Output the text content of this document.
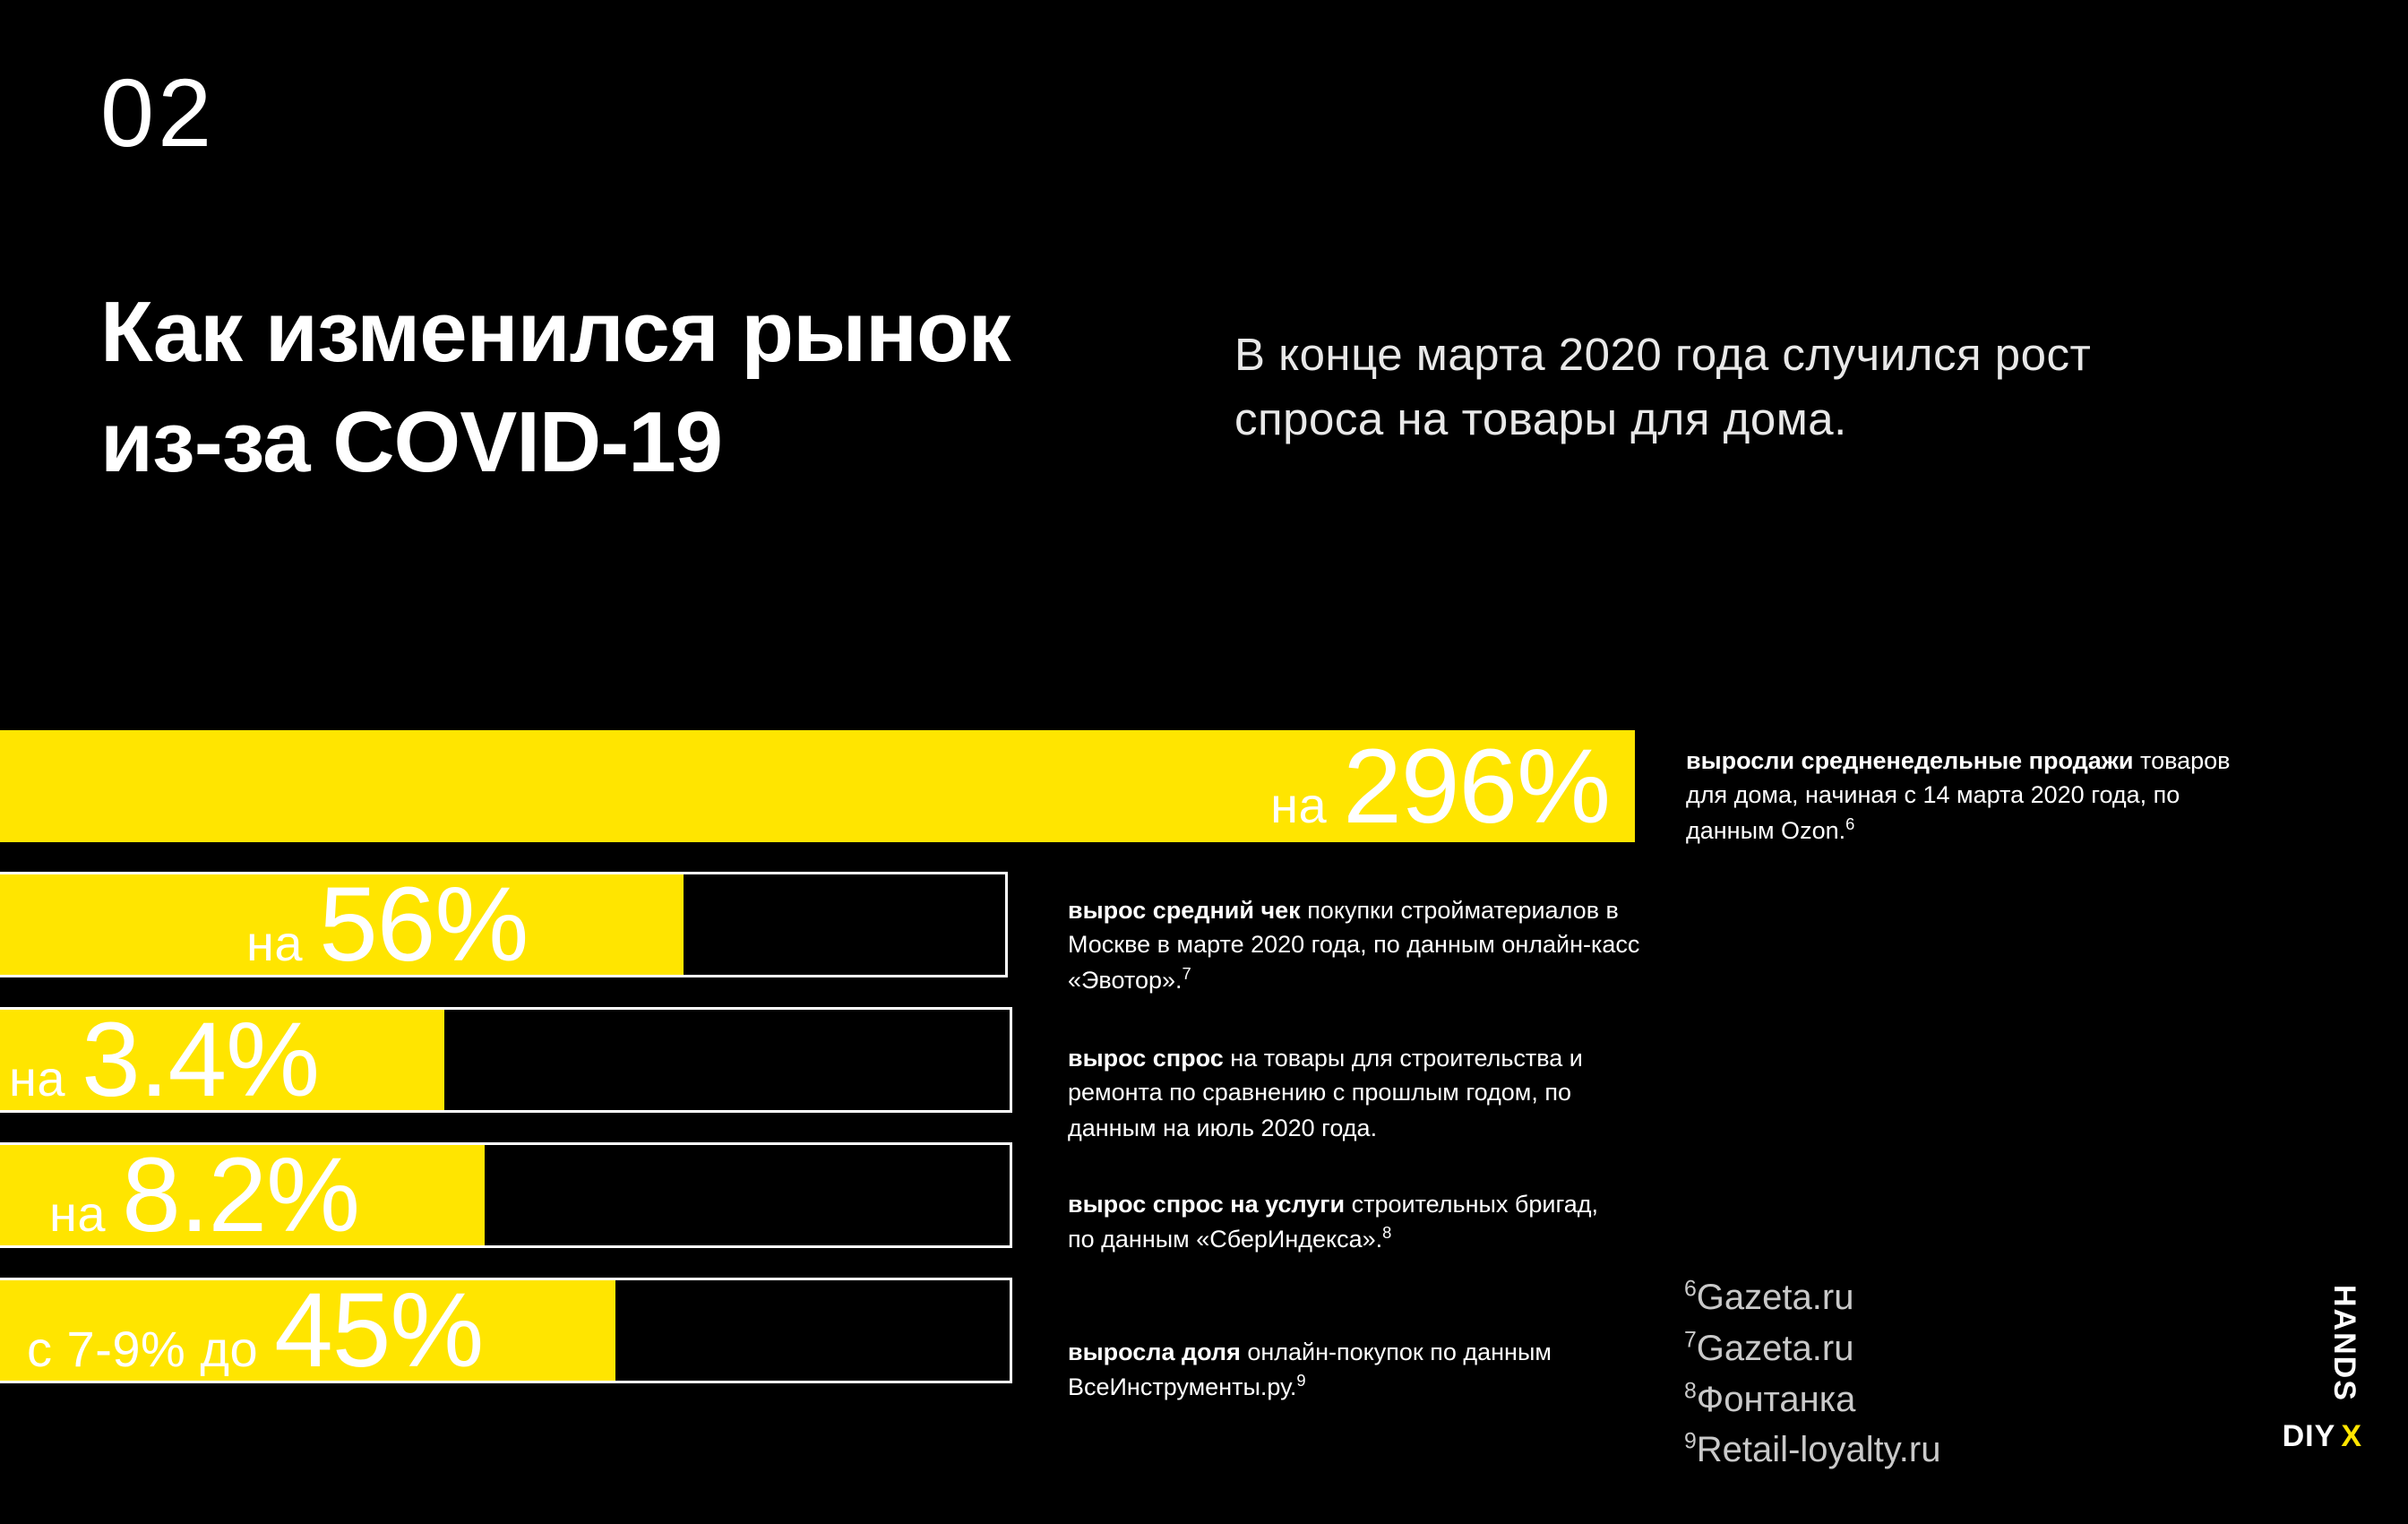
02
Как изменился рынок из-за COVID-19
В конце марта 2020 года случился рост спроса на товары для дома.
на 296%
на 56%
на 3.4%
на 8.2%
с 7-9% до 45%
выросли средненедельные продажи товаров для дома, начиная с 14 марта 2020 года, по данным Ozon.$^6$
вырос средний чек покупки стройматериалов в Москве в марте 2020 года, по данным онлайн-касс «Эвотор».$^7$
вырос спрос на товары для строительства и ремонта по сравнению с прошлым годом, по данным на июль 2020 года.
вырос спрос на услуги строительных бригад, по данным «СберИндекса».$^8$
выросла доля онлайн-покупок по данным ВсеИнструменты.ру.$^9$
$^6$Gazeta.ru
$^7$Gazeta.ru
$^8$Фонтанка
$^9$Retail-loyalty.ru
HANDS
DIY X
